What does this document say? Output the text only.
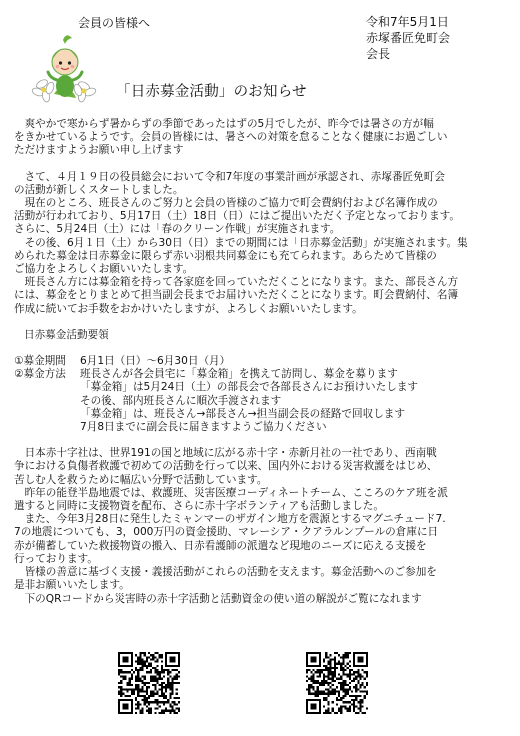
会員の皆様へ	令和7年5月1日
赤塚番匠免町会
会長
「日赤募金活動」のお知らせ

　爽やかで寒からず暑からずの季節であったはずの5月でしたが、昨今では暑さの方が幅

をきかせているようです。会員の皆様には、暑さへの対策を怠ることなく健康にお過ごしい

ただけますようお願い申し上げます

　さて、４月１９日の役員総会において令和7年度の事業計画が承認され、赤塚番匠免町会

の活動が新しくスタートしました。

　現在のところ、班長さんのご努力と会員の皆様のご協力で町会費納付および名簿作成の

活動が行われており、5月17日（土）18日（日）にはご提出いただく予定となっております。

さらに、5月24日（土）には「春のクリーン作戦」が実施されます。

　その後、6月１日（土）から30日（日）までの期間には「日赤募金活動」が実施されます。集

められた募金は日赤募金に限らず赤い羽根共同募金にも充てられます。あらためて皆様の

ご協力をよろしくお願いいたします。

　班長さん方には募金箱を持って各家庭を回っていただくことになります。また、部長さん方

には、募金をとりまとめて担当副会長までお届けいただくことになります。町会費納付、名簿

作成に続いてお手数をおかけいたしますが、よろしくお願いいたします。

日赤募金活動要領

①募金期間	6月1日（日）～6月30日（月）
②募金方法	班長さんが各会員宅に「募金箱」を携えて訪問し、募金を募ります
「募金箱」は5月24日（土）の部長会で各部長さんにお預けいたします
その後、部内班長さんに順次手渡されます
「募金箱」は、班長さん→部長さん→担当副会長の経路で回収します
7月8日までに副会長に届きますようご協力ください

　日本赤十字社は、世界191の国と地域に広がる赤十字・赤新月社の一社であり、西南戦

争における負傷者救護で初めての活動を行って以来、国内外における災害救護をはじめ、

苦しむ人を救うために幅広い分野で活動しています。

　昨年の能登半島地震では、救護班、災害医療コーディネートチーム、こころのケア班を派

遣すると同時に支援物資を配布、さらに赤十字ボランティアも活動しました。

　また、今年3月28日に発生したミャンマーのザガイン地方を震源とするマグニチュード7.

7の地震についても、3，000万円の資金援助、マレーシア・クアラルンプールの倉庫に日

赤が備蓄していた救援物資の搬入、日赤看護師の派遣など現地のニーズに応える支援を

行っております。

　皆様の善意に基づく支援・義援活動がこれらの活動を支えます。募金活動へのご参加を

是非お願いいたします。

　下のQRコードから災害時の赤十字活動と活動資金の使い道の解説がご覧になれます
